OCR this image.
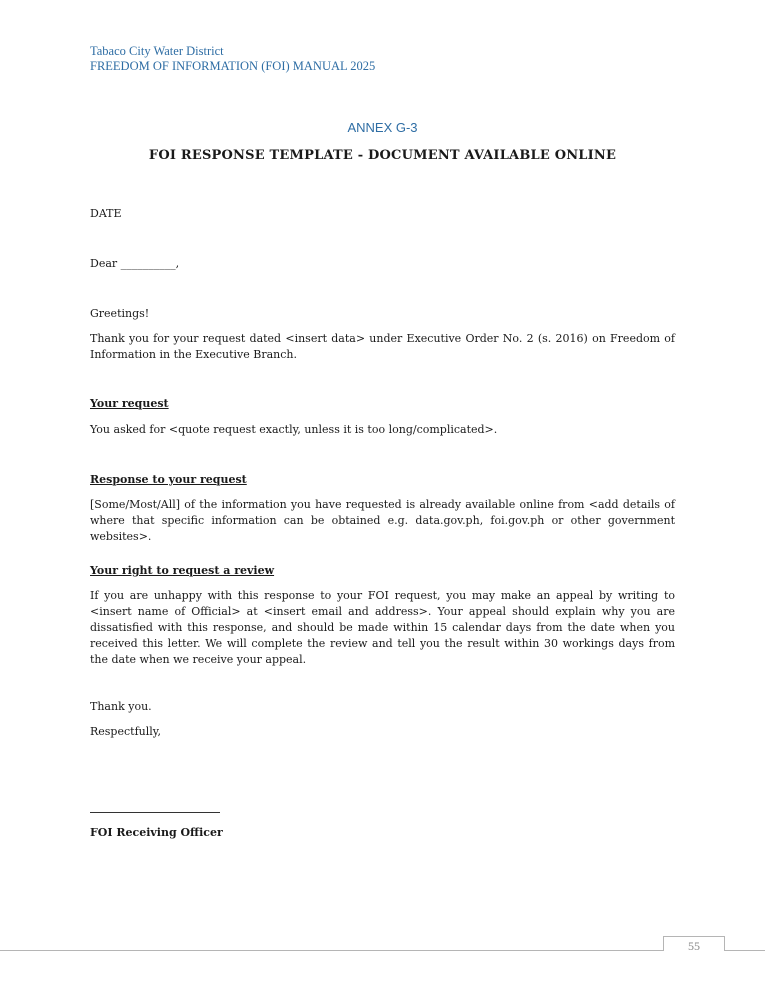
Tabaco City Water District
FREEDOM OF INFORMATION (FOI) MANUAL 2025
ANNEX G-3
FOI RESPONSE TEMPLATE - DOCUMENT AVAILABLE ONLINE
DATE
Dear __________,
Greetings!
Thank you for your request dated <insert data> under Executive Order No. 2 (s. 2016) on Freedom of Information in the Executive Branch.
Your request
You asked for <quote request exactly, unless it is too long/complicated>.
Response to your request
[Some/Most/All] of the information you have requested is already available online from <add details of where that specific information can be obtained e.g. data.gov.ph, foi.gov.ph or other government websites>.
Your right to request a review
If you are unhappy with this response to your FOI request, you may make an appeal by writing to <insert name of Official> at <insert email and address>. Your appeal should explain why you are dissatisfied with this response, and should be made within 15 calendar days from the date when you received this letter. We will complete the review and tell you the result within 30 workings days from the date when we receive your appeal.
Thank you.
Respectfully,
FOI Receiving Officer
55
